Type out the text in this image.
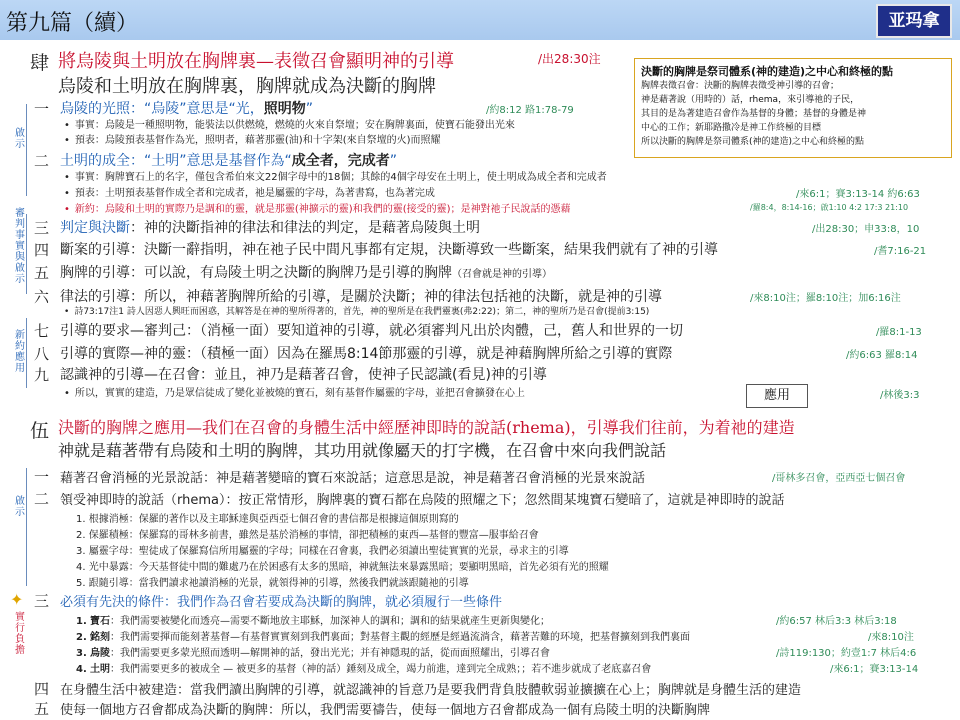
第九篇（續）	亚玛拿
肆 將烏陵與土明放在胸牌裏—表徵召會顯明神的引導	/出28:30注
烏陵和土明放在胸牌裏，胸牌就成為決斷的胸牌
啟示
審判事實與啟示
新約應用
一 烏陵的光照：“烏陵”意思是“光，照明物”	/約8:12 路1:78-79
• 事實：烏陵是一種照明物，能裝法以供燃燒，燃燒的火來自祭壇；安在胸牌裏面，使寶石能發出光來
• 預表：烏陵預表基督作為光，照明者，藉著那靈(油)和十字架(來自祭壇的火)而照耀
二 土明的成全：“土明”意思是基督作為“成全者，完成者”
• 事實：胸牌寶石上的名字，僅包含希伯來文22個字母中的18個；其餘的4個字母安在土明上，使土明成為成全者和完成者
• 預表：土明預表基督作成全者和完成者，祂是屬靈的字母，為著書寫，也為著完成	/來6:1；賽3:13-14 約6:63
• 新約：烏陵和土明的實際乃是調和的靈，就是那靈(神擴示的靈)和我們的靈(接受的靈)；是神對祂子民說話的憑藉	/羅8:4，8:14-16；啟1:10 4:2 17:3 21:10
決斷的胸牌是祭司體系(神的建造)之中心和終極的點
胸牌表徵召會：決斷的胸牌表徵受神引導的召會；
神是藉著說（用時的）話，rhema，來引導祂的子民，
其目的是為著建造召會作為基督的身體；基督的身體是神
中心的工作；新耶路撒冷是神工作終極的目標
所以決斷的胸牌是祭司體系(神的建造)之中心和終極的點
三 判定與決斷：神的決斷指神的律法和律法的判定，是藉著烏陵與土明	/出28:30；申33:8，10
四 斷案的引導：決斷一辭指明，神在祂子民中間凡事都有定規，決斷導致一些斷案，結果我們就有了神的引導	/耆7:16-21
五 胸牌的引導：可以說，有烏陵土明之決斷的胸牌乃是引導的胸牌（召會就是神的引導）
六 律法的引導：所以，神藉著胸牌所給的引導，是關於決斷；神的律法包括祂的決斷，就是神的引導	/來8:10注；羅8:10注；加6:16注
• 詩73:17注1 詩人因惡人興旺而困惑，其解答是在神的聖所得著的，首先，神的聖所是在我們靈裏(弗2:22)；第二，神的聖所乃是召會(提前3:15)
七 引導的要求—審判己：（消極一面）要知道神的引導，就必須審判凡出於肉體，己，舊人和世界的一切	/羅8:1-13
八 引導的實際—神的靈：（積極一面）因為在羅馬8:14節那靈的引導，就是神藉胸牌所給之引導的實際	/約6:63 羅8:14
九 認識神的引導—在召會：並且，神乃是藉著召會，使神子民認識(看見)神的引導
• 所以，實實的建造，乃是眾信徒成了變化並被燒的寶石，刻有基督作屬靈的字母，並把召會擴發在心上	/林後3:3
應用
伍 決斷的胸牌之應用—我们在召會的身體生活中經歷神即時的說話(rhema)，引導我们往前，为着祂的建造
神就是藉著帶有烏陵和土明的胸牌，其功用就像屬天的打字機，在召會中來向我們說話
啟示
✦
實行負擔
一 藉著召會消極的光景說話：神是藉著變暗的寶石來說話；這意思是說，神是藉著召會消極的光景來說話	/哥林多召會，亞西亞七個召會
二 領受神即時的說話（rhema）：按正常情形，胸牌裏的寶石都在烏陵的照耀之下；忽然間某塊寶石變暗了，這就是神即時的說話
1. 根據消極：保羅的著作以及主耶穌達與亞西亞七個召會的書信都是根據這個原則寫的
2. 保羅積極：保羅寫的哥林多前書，雖然是基於消極的事情，卻把積極的東西—基督的豐富—服事給召會
3. 屬靈字母：聖徒成了保羅寫信所用屬靈的字母；同樣在召會裏，我們必須讀出聖徒實實的光景，尋求主的引導
4. 光中暴露：今天基督徒中間的難處乃在於困惑有太多的黑暗，神就無法來暴露黑暗；要顯明黑暗，首先必須有光的照耀
5. 跟隨引導：當我們讀求祂讀消極的光景，就領得神的引導，然後我們就該跟隨祂的引導
三 必須有先決的條件：我們作為召會若要成為決斷的胸牌，就必須履行一些條件
1. 寶石：我們需要被變化而透亮—需要不斷地放主耶穌，加深神人的調和；調和的結果就產生更新與變化；	/約6:57 林后3:3 林后3:18
2. 銘刻：我們需要揮而能刻著基督—有基督實實刻到我們裏面；對基督主觀的經歷是經過流淌含，藉著苦難的环境，把基督擴刻到我們裏面	/來8:10注
3. 烏陵：我們需要更多蒙光照而透明—解開神的話，發出光光；并有神隱現的話，從而面照耀出，引導召會	/詩119:130；約壹1:7 林后4:6
4. 土明：我們需要更多的被成全 — 被更多的基督（神的話）錘刻及成全，竭力前進，達到完全成熟；；若不進步就成了老底嘉召會	/來6:1；賽3:13-14
四 在身體生活中被建造：當我們讀出胸牌的引導，就認識神的旨意乃是要我們背負肢體軟弱並擴擴在心上；胸牌就是身體生活的建造
五 使每一個地方召會都成為決斷的胸牌：所以，我們需要禱告，使每一個地方召會都成為一個有烏陵土明的決斷胸牌
